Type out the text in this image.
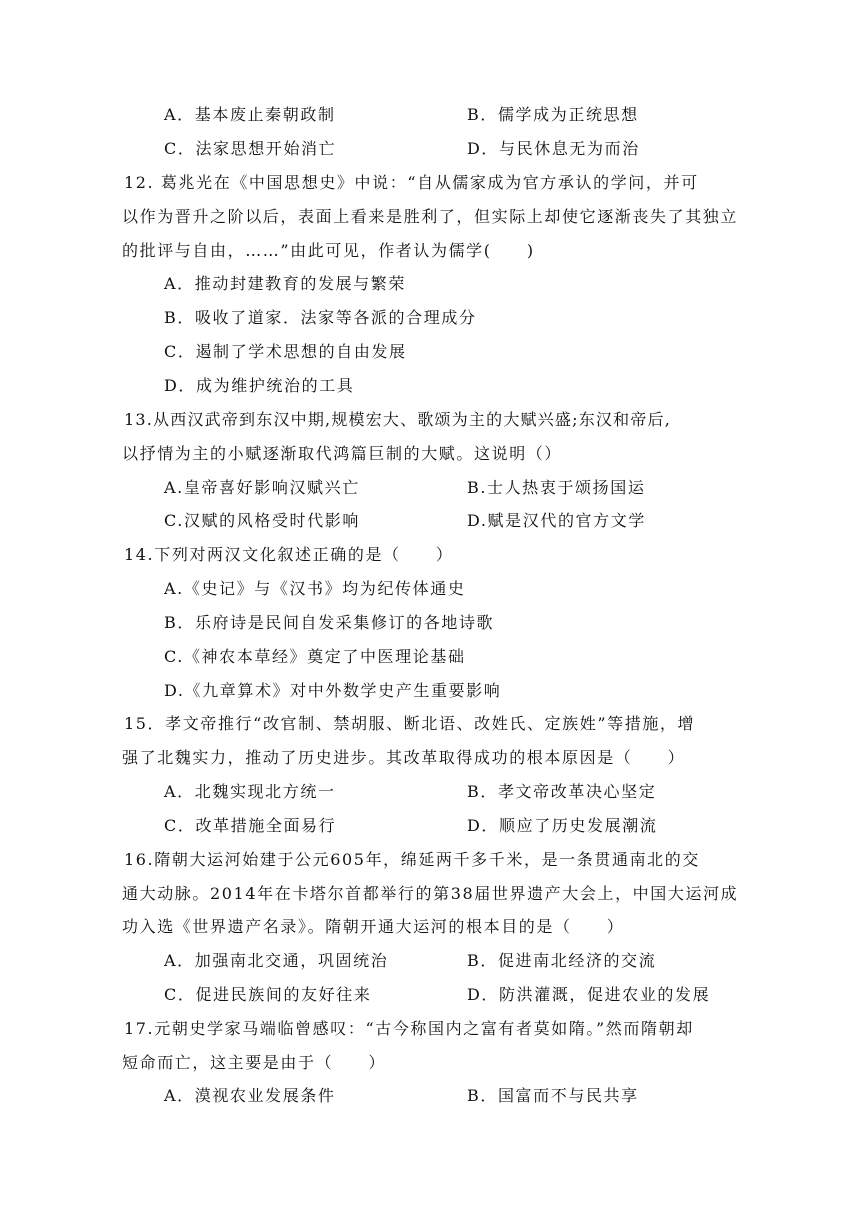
A．基本废止秦朝政制	B．儒学成为正统思想
C．法家思想开始消亡	D．与民休息无为而治
12. 葛兆光在《中国思想史》中说：“自从儒家成为官方承认的学问，并可
以作为晋升之阶以后，表面上看来是胜利了，但实际上却使它逐渐丧失了其独立
的批评与自由，……”由此可见，作者认为儒学(　　)
A．推动封建教育的发展与繁荣
B．吸收了道家．法家等各派的合理成分
C．遏制了学术思想的自由发展
D．成为维护统治的工具
13.从西汉武帝到东汉中期,规模宏大、歌颂为主的大赋兴盛;东汉和帝后,
以抒情为主的小赋逐渐取代鸿篇巨制的大赋。这说明（）
A.皇帝喜好影响汉赋兴亡	B.士人热衷于颂扬国运
C.汉赋的风格受时代影响	D.赋是汉代的官方文学
14.下列对两汉文化叙述正确的是（　　）
A.《史记》与《汉书》均为纪传体通史
B．乐府诗是民间自发采集修订的各地诗歌
C.《神农本草经》奠定了中医理论基础
D.《九章算术》对中外数学史产生重要影响
15．孝文帝推行“改官制、禁胡服、断北语、改姓氏、定族姓”等措施，增
强了北魏实力，推动了历史进步。其改革取得成功的根本原因是（　　）
A．北魏实现北方统一	B．孝文帝改革决心坚定
C．改革措施全面易行	D．顺应了历史发展潮流
16.隋朝大运河始建于公元605年，绵延两千多千米，是一条贯通南北的交
通大动脉。2014年在卡塔尔首都举行的第38届世界遗产大会上，中国大运河成
功入选《世界遗产名录》。隋朝开通大运河的根本目的是（　　）
A．加强南北交通，巩固统治	B．促进南北经济的交流
C．促进民族间的友好往来	D．防洪灌溉，促进农业的发展
17.元朝史学家马端临曾感叹：“古今称国内之富有者莫如隋。”然而隋朝却
短命而亡，这主要是由于（　　）
A．漠视农业发展条件	B．国富而不与民共享
